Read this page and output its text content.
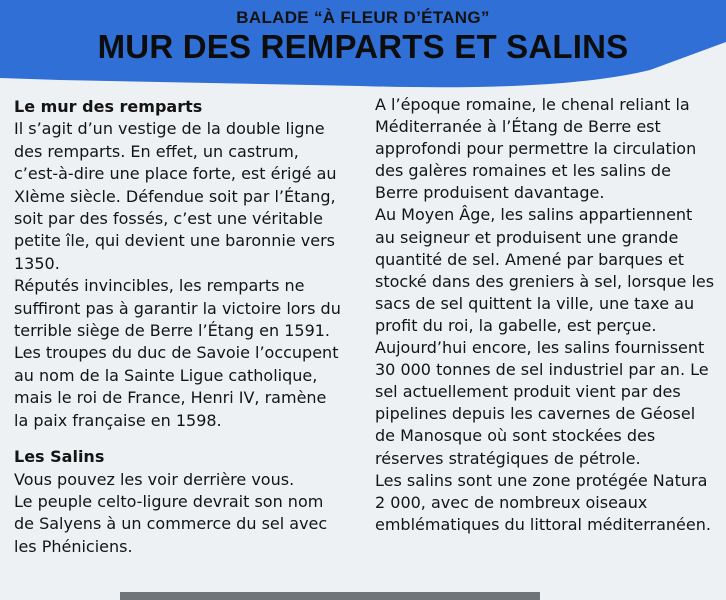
BALADE “À FLEUR D’ÉTANG”
MUR DES REMPARTS ET SALINS

Le mur des remparts

Il s’agit d’un vestige de la double ligne des remparts. En effet, un castrum, c’est-à-dire une place forte, est érigé au XIème siècle. Défendue soit par l’Étang, soit par des fossés, c’est une véritable petite île, qui devient une baronnie vers 1350.

Réputés invincibles, les remparts ne suffiront pas à garantir la victoire lors du terrible siège de Berre l’Étang en 1591. Les troupes du duc de Savoie l’occupent au nom de la Sainte Ligue catholique, mais le roi de France, Henri IV, ramène la paix française en 1598.

Les Salins

Vous pouvez les voir derrière vous.

Le peuple celto-ligure devrait son nom de Salyens à un commerce du sel avec les Phéniciens.

A l’époque romaine, le chenal reliant la Méditerranée à l’Étang de Berre est approfondi pour permettre la circulation des galères romaines et les salins de Berre produisent davantage.

Au Moyen Âge, les salins appartiennent au seigneur et produisent une grande quantité de sel. Amené par barques et stocké dans des greniers à sel, lorsque les sacs de sel quittent la ville, une taxe au profit du roi, la gabelle, est perçue.

Aujourd’hui encore, les salins fournissent 30 000 tonnes de sel industriel par an. Le sel actuellement produit vient par des pipelines depuis les cavernes de Géosel de Manosque où sont stockées des réserves stratégiques de pétrole.

Les salins sont une zone protégée Natura 2 000, avec de nombreux oiseaux emblématiques du littoral méditerranéen.
